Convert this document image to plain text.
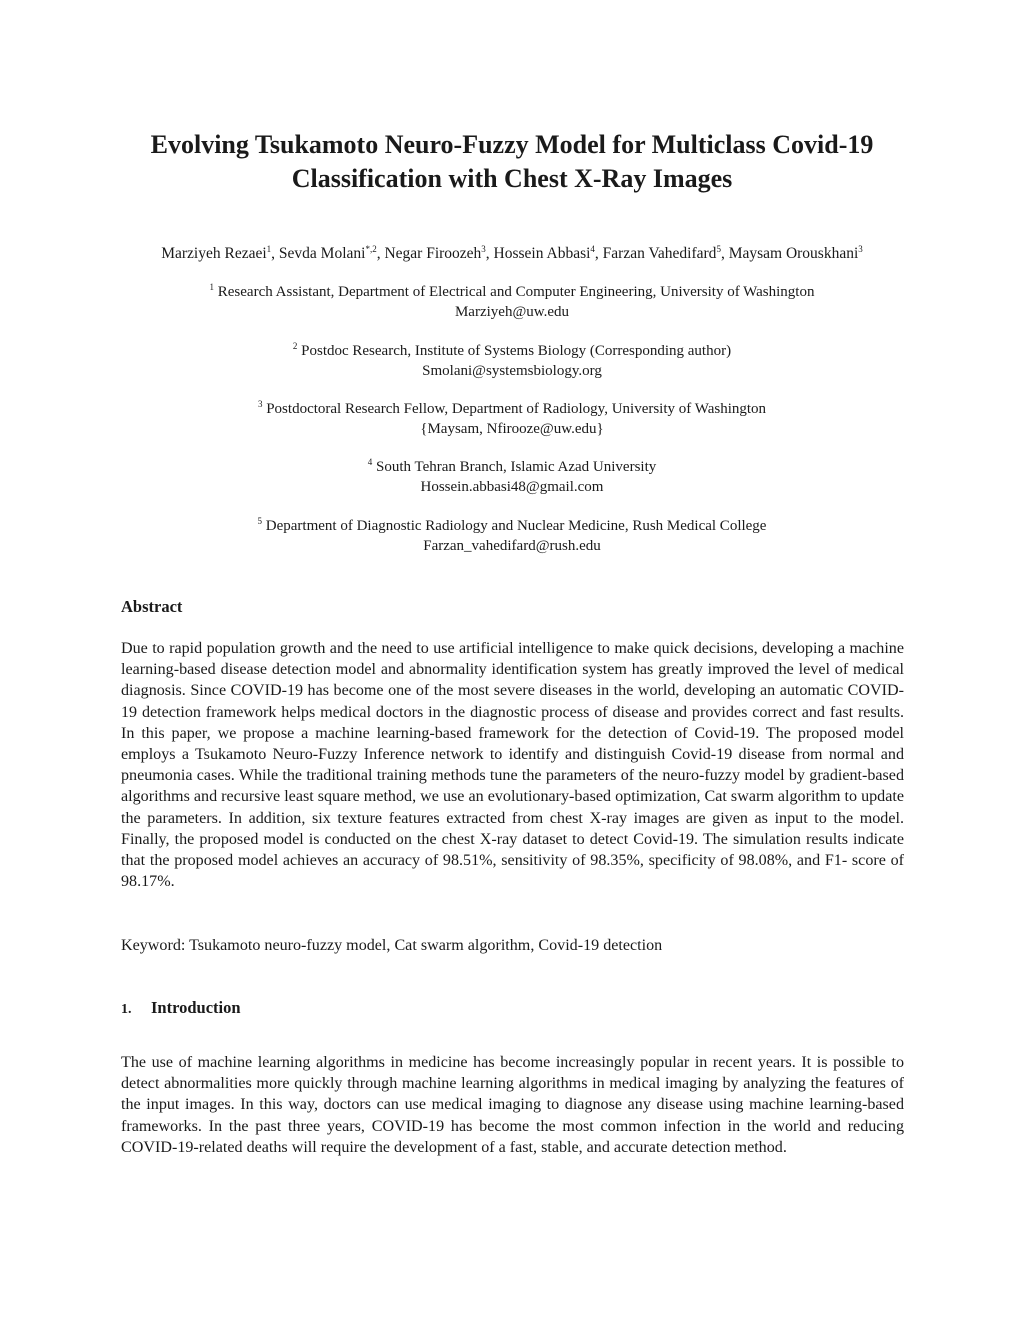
Evolving Tsukamoto Neuro-Fuzzy Model for Multiclass Covid-19 Classification with Chest X-Ray Images
Marziyeh Rezaei$^1$, Sevda Molani$^{*,2}$, Negar Firoozeh$^3$, Hossein Abbasi$^4$, Farzan Vahedifard$^5$, Maysam Orouskhani$^3$
$^1$ Research Assistant, Department of Electrical and Computer Engineering, University of Washington
Marziyeh@uw.edu
$^2$ Postdoc Research, Institute of Systems Biology (Corresponding author)
Smolani@systemsbiology.org
$^3$ Postdoctoral Research Fellow, Department of Radiology, University of Washington
{Maysam, Nfirooze@uw.edu}
$^4$ South Tehran Branch, Islamic Azad University
Hossein.abbasi48@gmail.com
$^5$ Department of Diagnostic Radiology and Nuclear Medicine, Rush Medical College
Farzan_vahedifard@rush.edu
Abstract

Due to rapid population growth and the need to use artificial intelligence to make quick decisions, developing a machine learning-based disease detection model and abnormality identification system has greatly improved the level of medical diagnosis. Since COVID-19 has become one of the most severe diseases in the world, developing an automatic COVID-19 detection framework helps medical doctors in the diagnostic process of disease and provides correct and fast results. In this paper, we propose a machine learning-based framework for the detection of Covid-19. The proposed model employs a Tsukamoto Neuro-Fuzzy Inference network to identify and distinguish Covid-19 disease from normal and pneumonia cases. While the traditional training methods tune the parameters of the neuro-fuzzy model by gradient-based algorithms and recursive least square method, we use an evolutionary-based optimization, Cat swarm algorithm to update the parameters. In addition, six texture features extracted from chest X-ray images are given as input to the model. Finally, the proposed model is conducted on the chest X-ray dataset to detect Covid-19. The simulation results indicate that the proposed model achieves an accuracy of 98.51%, sensitivity of 98.35%, specificity of 98.08%, and F1- score of 98.17%.

Keyword: Tsukamoto neuro-fuzzy model, Cat swarm algorithm, Covid-19 detection
1. Introduction

The use of machine learning algorithms in medicine has become increasingly popular in recent years. It is possible to detect abnormalities more quickly through machine learning algorithms in medical imaging by analyzing the features of the input images. In this way, doctors can use medical imaging to diagnose any disease using machine learning-based frameworks. In the past three years, COVID-19 has become the most common infection in the world and reducing COVID-19-related deaths will require the development of a fast, stable, and accurate detection method.
